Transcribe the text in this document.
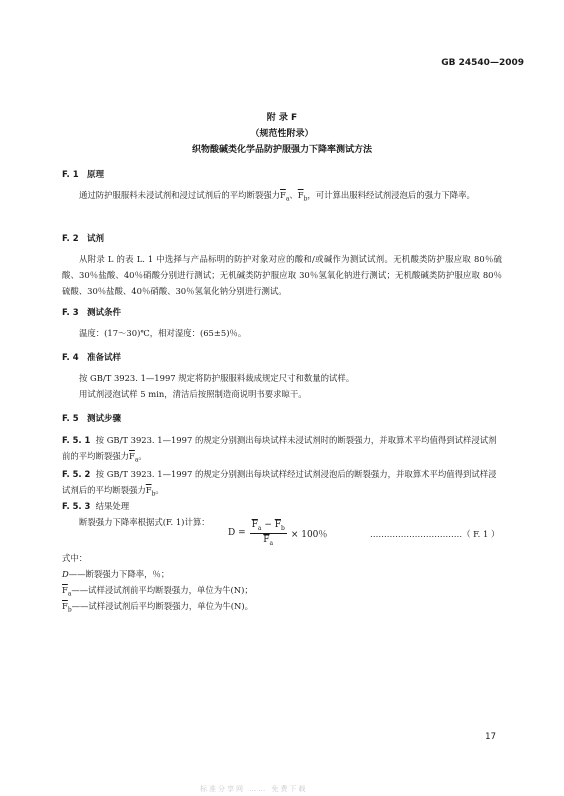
GB 24540—2009
附 录 F
（规范性附录）
织物酸碱类化学品防护服强力下降率测试方法
F. 1 原理
通过防护服服料未浸试剂和浸过试剂后的平均断裂强力$\overline{F}_a$、$\overline{F}_b$，可计算出服料经试剂浸泡后的强力下降率。
F. 2 试剂
从附录 L 的表 L. 1 中选择与产品标明的防护对象对应的酸和/或碱作为测试试剂。无机酸类防护服应取 80％硫酸、30％盐酸、40％硝酸分别进行测试；无机碱类防护服应取 30％氢氧化钠进行测试；无机酸碱类防护服应取 80％硫酸、30％盐酸、40％硝酸、30％氢氧化钠分别进行测试。
F. 3 测试条件
温度：(17～30)℃，相对湿度：(65±5)％。
F. 4 准备试样
按 GB/T 3923. 1—1997 规定将防护服服料裁成规定尺寸和数量的试样。
用试剂浸泡试样 5 min，清洁后按照制造商说明书要求晾干。
F. 5 测试步骤
F. 5. 1 按 GB/T 3923. 1—1997 的规定分别测出每块试样未浸试剂时的断裂强力，并取算术平均值得到试样浸试剂前的平均断裂强力$\overline{F}_a$。
F. 5. 2 按 GB/T 3923. 1—1997 的规定分别测出每块试样经过试剂浸泡后的断裂强力，并取算术平均值得到试样浸试剂后的平均断裂强力$\overline{F}_b$。
F. 5. 3 结果处理
断裂强力下降率根据式(F. 1)计算：
$D = \frac{\overline{F}_a - \overline{F}_b}{\overline{F}_a} \times 100$％	……………………………（ F. 1 ）
式中：
D——断裂强力下降率，％；
$\overline{F}_a——$试样浸试剂前平均断裂强力，单位为牛(N)；
$\overline{F}_b——$试样浸试剂后平均断裂强力，单位为牛(N)。
17
标准分享网 …… 免费下载
